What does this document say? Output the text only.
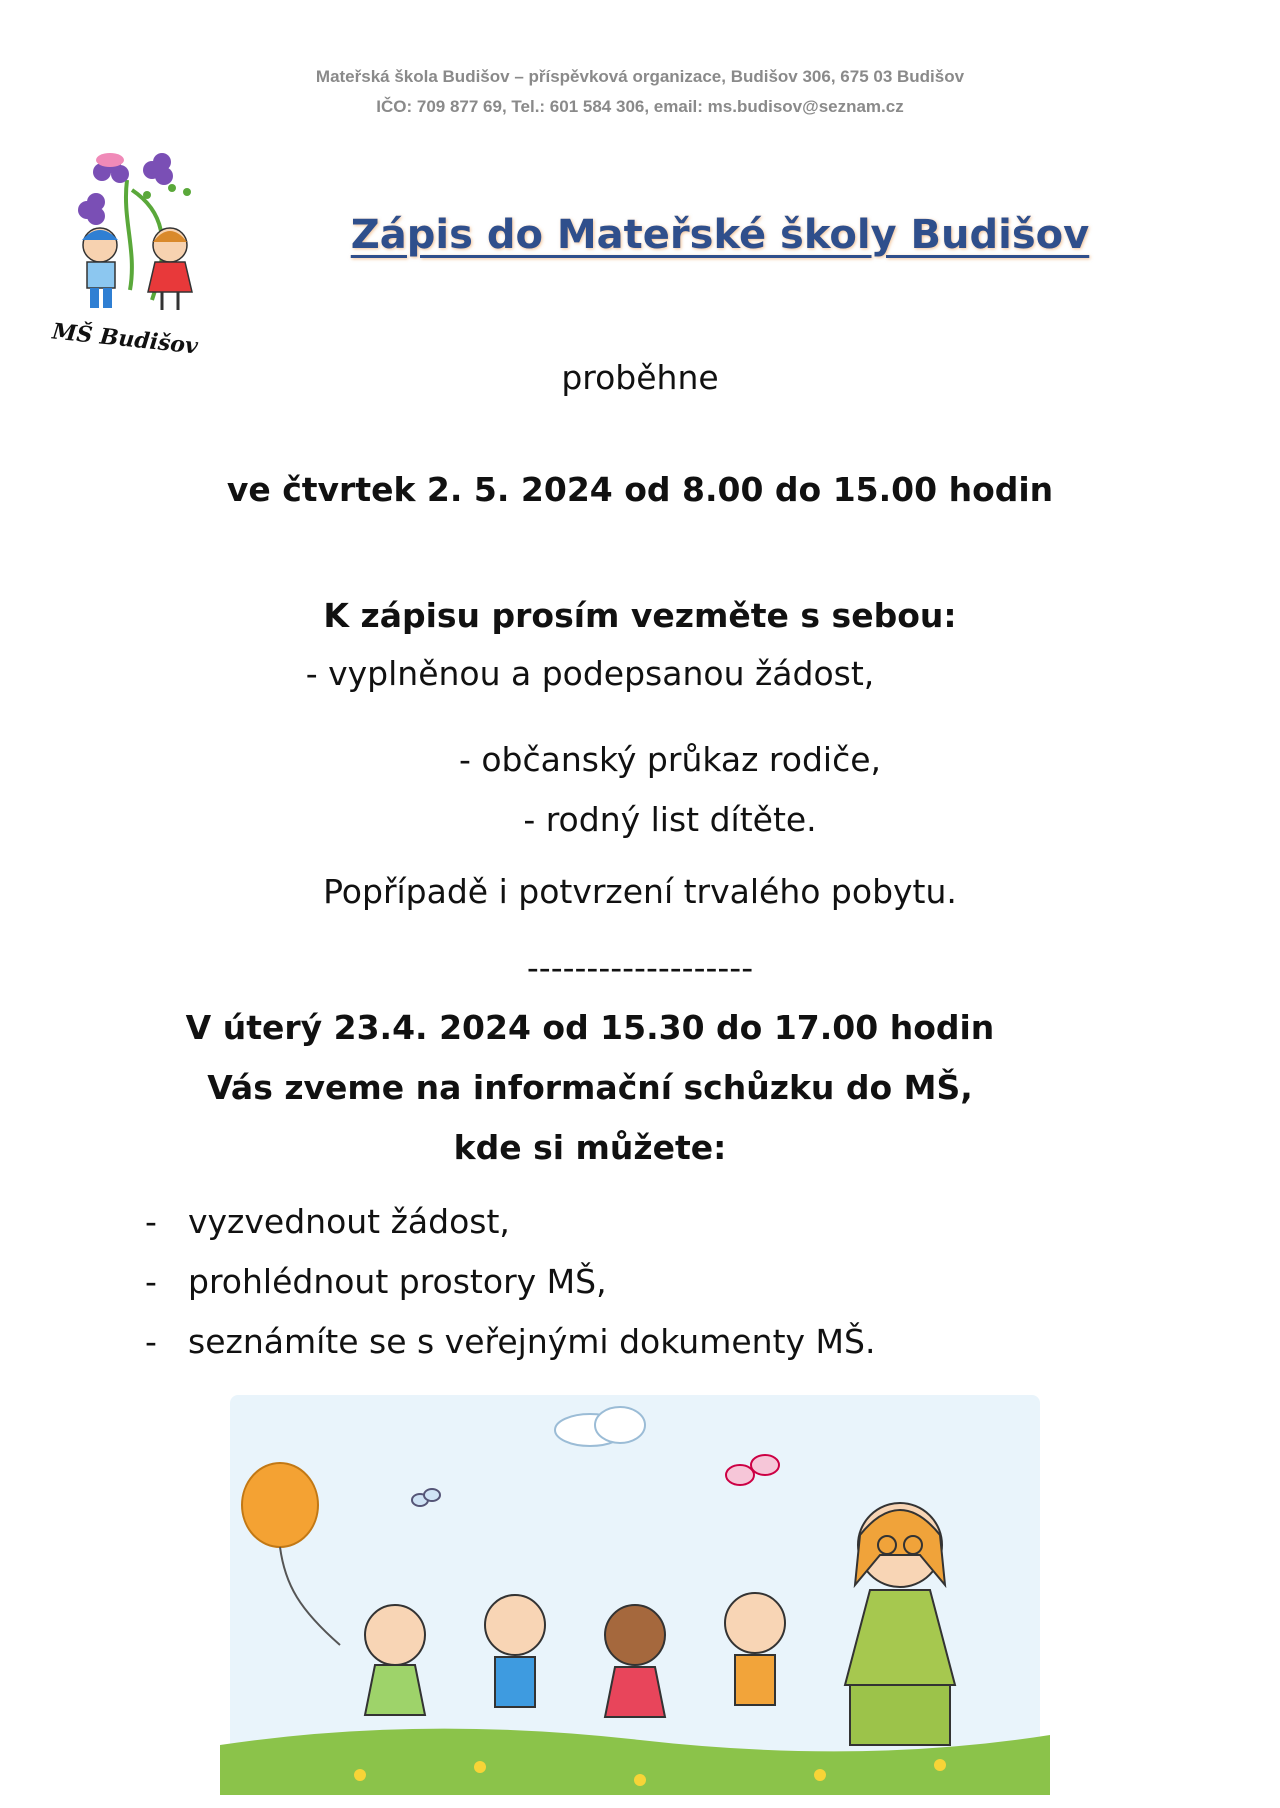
Mateřská škola Budišov – příspěvková organizace, Budišov 306, 675 03 Budišov
IČO: 709 877 69, Tel.: 601 584 306, email: ms.budisov@seznam.cz
MŠ Budišov
Zápis do Mateřské školy Budišov
proběhne
ve čtvrtek 2. 5. 2024 od 8.00 do 15.00 hodin
K zápisu prosím vezměte s sebou:
- vyplněnou a podepsanou žádost,
- občanský průkaz rodiče,
- rodný list dítěte.
Popřípadě i potvrzení trvalého pobytu.
-------------------
V úterý 23.4. 2024 od 15.30 do 17.00 hodin
Vás zveme na informační schůzku do MŠ,
kde si můžete:
- vyzvednout žádost,
- prohlédnout prostory MŠ,
- seznámíte se s veřejnými dokumenty MŠ.
